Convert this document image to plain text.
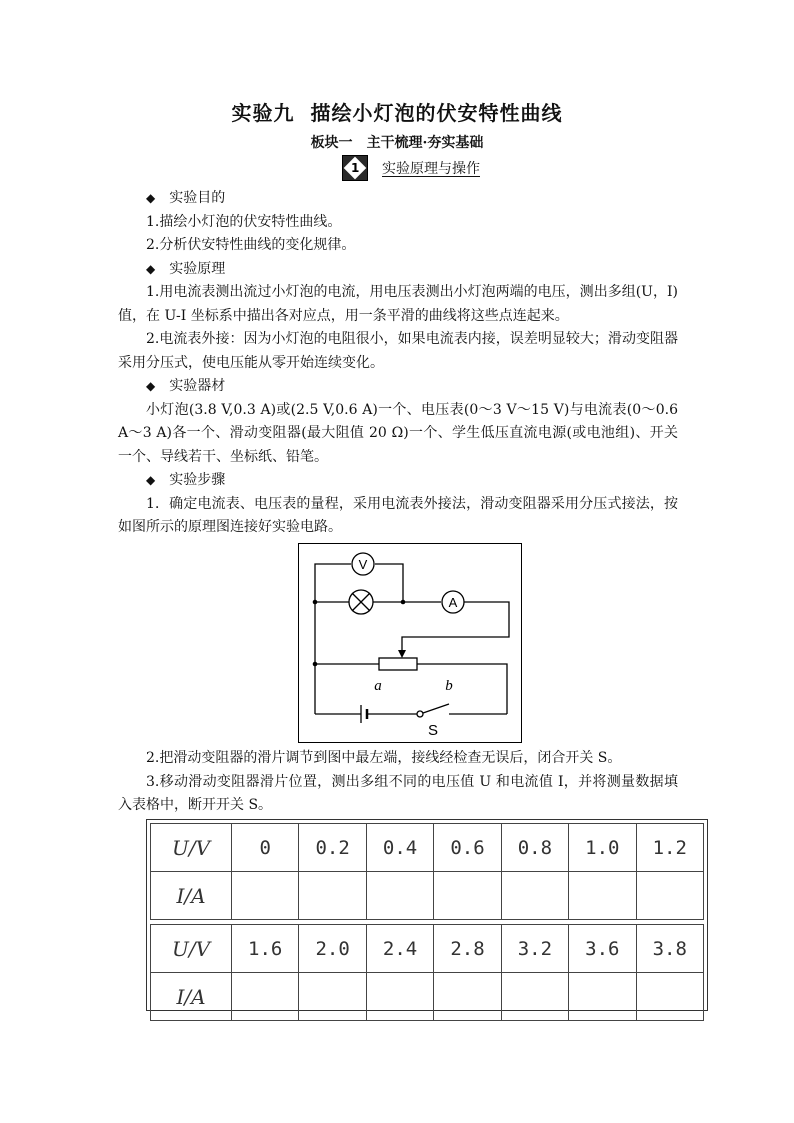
实验九 描绘小灯泡的伏安特性曲线
板块一 主干梳理·夯实基础
1 实验原理与操作
◆ 实验目的
1.描绘小灯泡的伏安特性曲线。
2.分析伏安特性曲线的变化规律。
◆ 实验原理
1.用电流表测出流过小灯泡的电流，用电压表测出小灯泡两端的电压，测出多组(U，I)值，在 U-I 坐标系中描出各对应点，用一条平滑的曲线将这些点连起来。
2.电流表外接：因为小灯泡的电阻很小，如果电流表内接，误差明显较大；滑动变阻器采用分压式，使电压能从零开始连续变化。
◆ 实验器材
小灯泡(3.8 V,0.3 A)或(2.5 V,0.6 A)一个、电压表(0～3 V～15 V)与电流表(0～0.6 A～3 A)各一个、滑动变阻器(最大阻值 20 Ω)一个、学生低压直流电源(或电池组)、开关一个、导线若干、坐标纸、铅笔。
◆ 实验步骤
1．确定电流表、电压表的量程，采用电流表外接法，滑动变阻器采用分压式接法，按如图所示的原理图连接好实验电路。
V
A
S
a	b
2.把滑动变阻器的滑片调节到图中最左端，接线经检查无误后，闭合开关 S。
3.移动滑动变阻器滑片位置，测出多组不同的电压值 U 和电流值 I，并将测量数据填入表格中，断开开关 S。
U/V	0	0.2	0.4	0.6	0.8	1.0	1.2
I/A							

U/V	1.6	2.0	2.4	2.8	3.2	3.6	3.8
I/A							
